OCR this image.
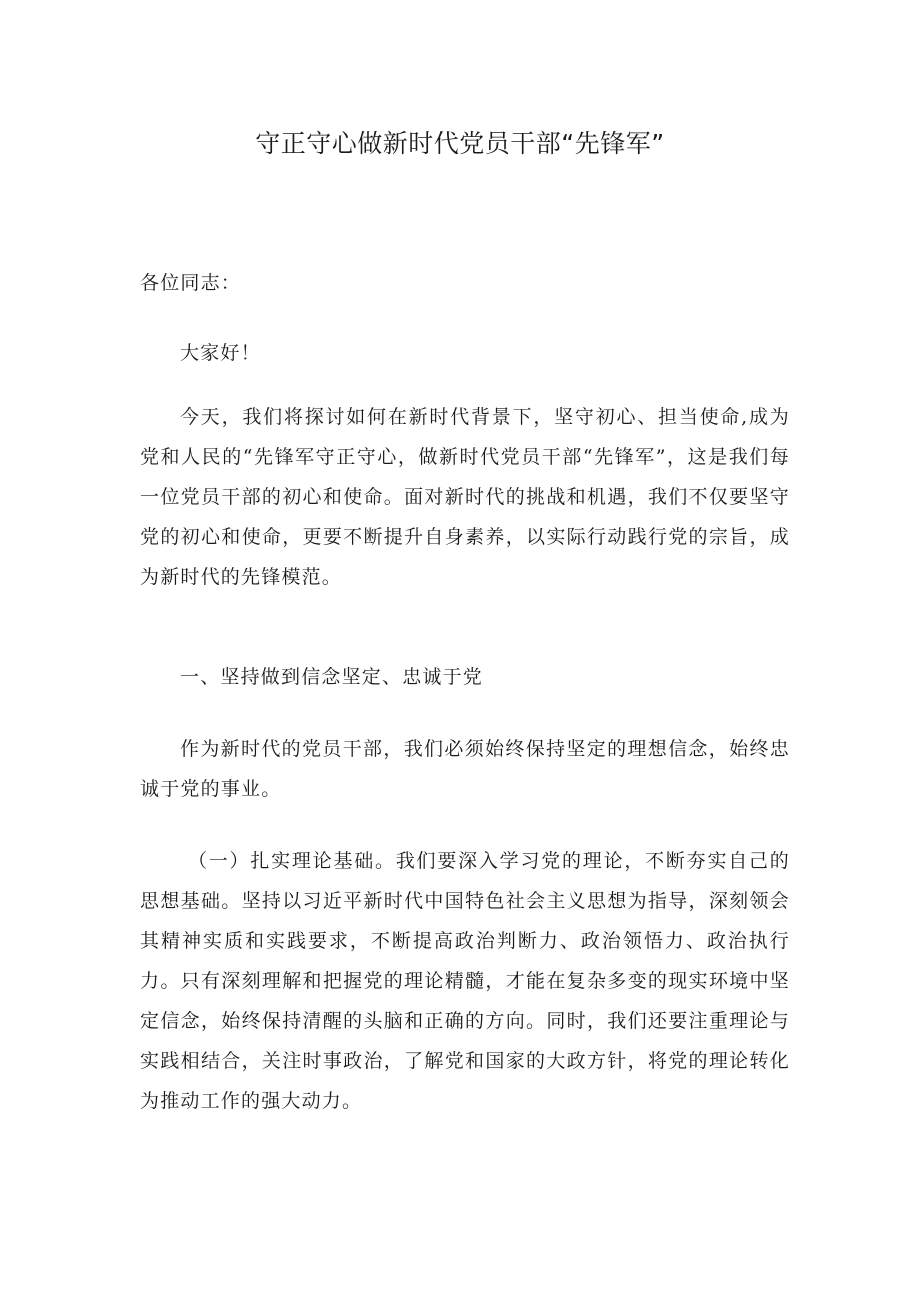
守正守心做新时代党员干部“先锋军”
各位同志：
大家好！
今天，我们将探讨如何在新时代背景下，坚守初心、担当使命,成为党和人民的“先锋军守正守心，做新时代党员干部“先锋军”，这是我们每一位党员干部的初心和使命。面对新时代的挑战和机遇，我们不仅要坚守党的初心和使命，更要不断提升自身素养，以实际行动践行党的宗旨，成为新时代的先锋模范。
一、坚持做到信念坚定、忠诚于党
作为新时代的党员干部，我们必须始终保持坚定的理想信念，始终忠诚于党的事业。
（一）扎实理论基础。我们要深入学习党的理论，不断夯实自己的思想基础。坚持以习近平新时代中国特色社会主义思想为指导，深刻领会其精神实质和实践要求，不断提高政治判断力、政治领悟力、政治执行力。只有深刻理解和把握党的理论精髓，才能在复杂多变的现实环境中坚定信念，始终保持清醒的头脑和正确的方向。同时，我们还要注重理论与实践相结合，关注时事政治，了解党和国家的大政方针，将党的理论转化为推动工作的强大动力。
